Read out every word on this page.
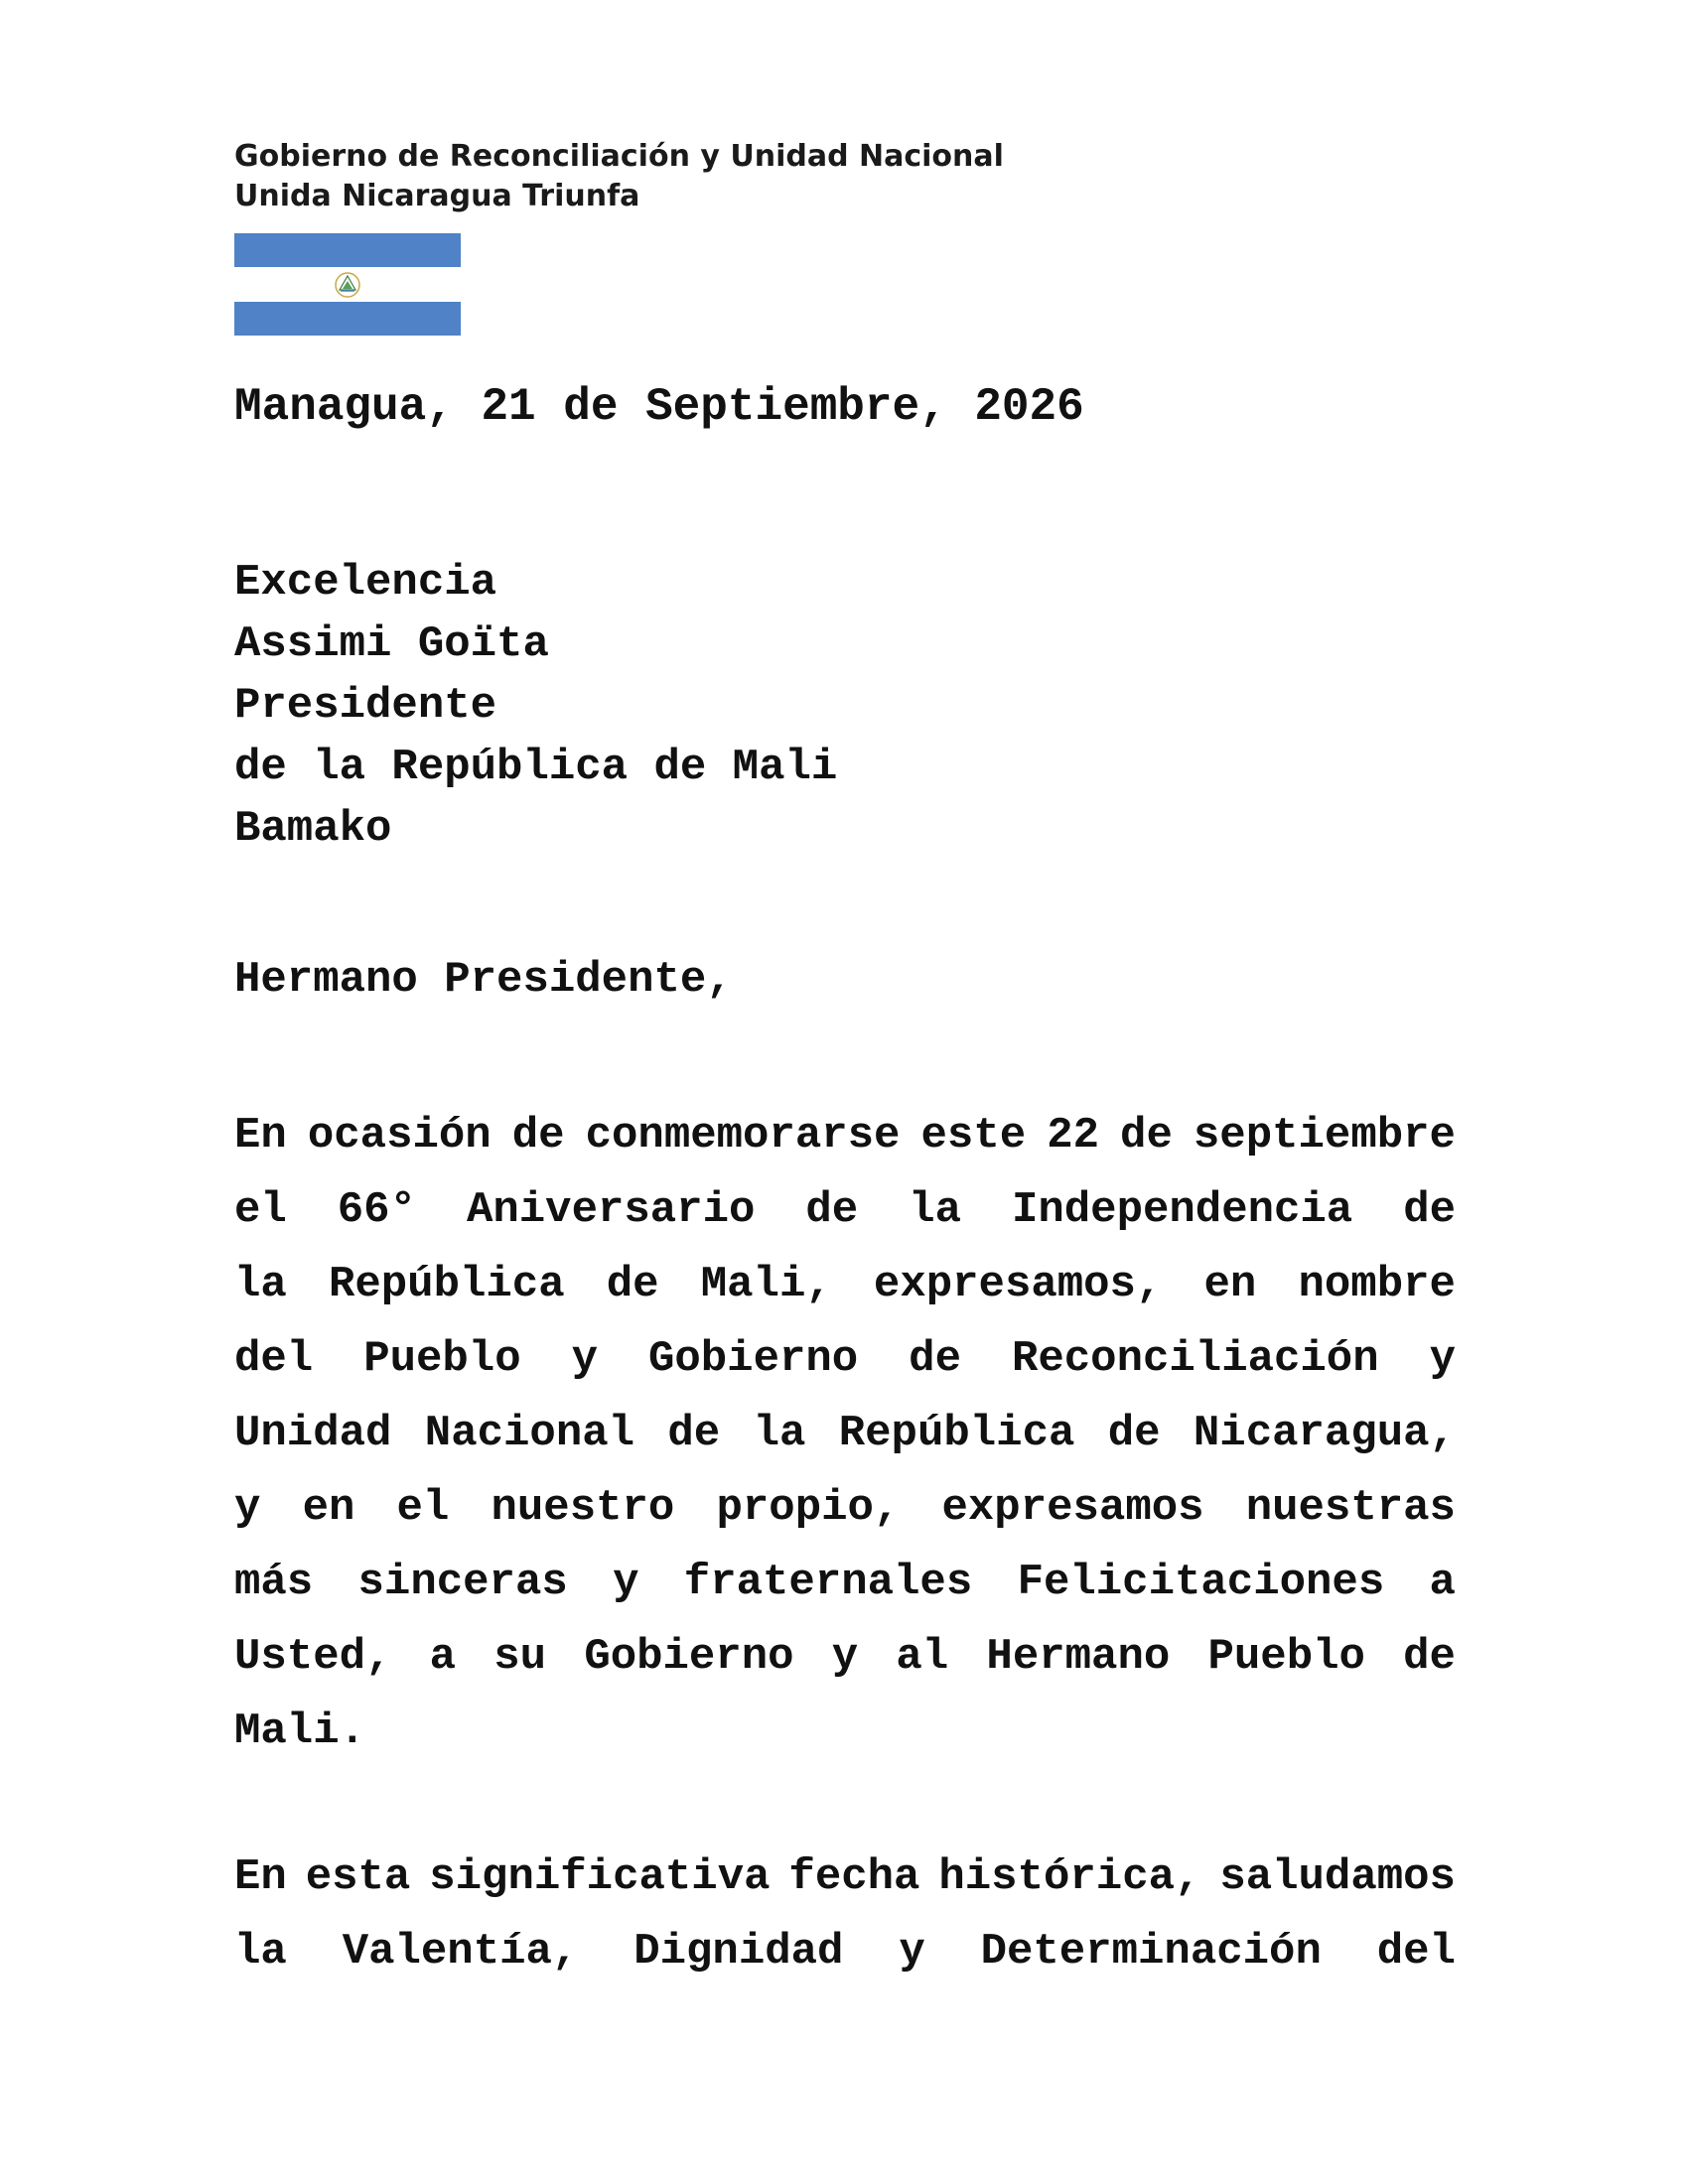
Gobierno de Reconciliación y Unidad Nacional
Unida Nicaragua Triunfa
Managua, 21 de Septiembre, 2026
Excelencia
Assimi Goïta
Presidente
de la República de Mali
Bamako
Hermano Presidente,
En ocasión de conmemorarse este 22 de septiembre
el 66° Aniversario de la Independencia de
la República de Mali, expresamos, en nombre
del Pueblo y Gobierno de Reconciliación y
Unidad Nacional de la República de Nicaragua,
y en el nuestro propio, expresamos nuestras
más sinceras y fraternales Felicitaciones a
Usted, a su Gobierno y al Hermano Pueblo de
Mali.
En esta significativa fecha histórica, saludamos
la Valentía, Dignidad y Determinación del
